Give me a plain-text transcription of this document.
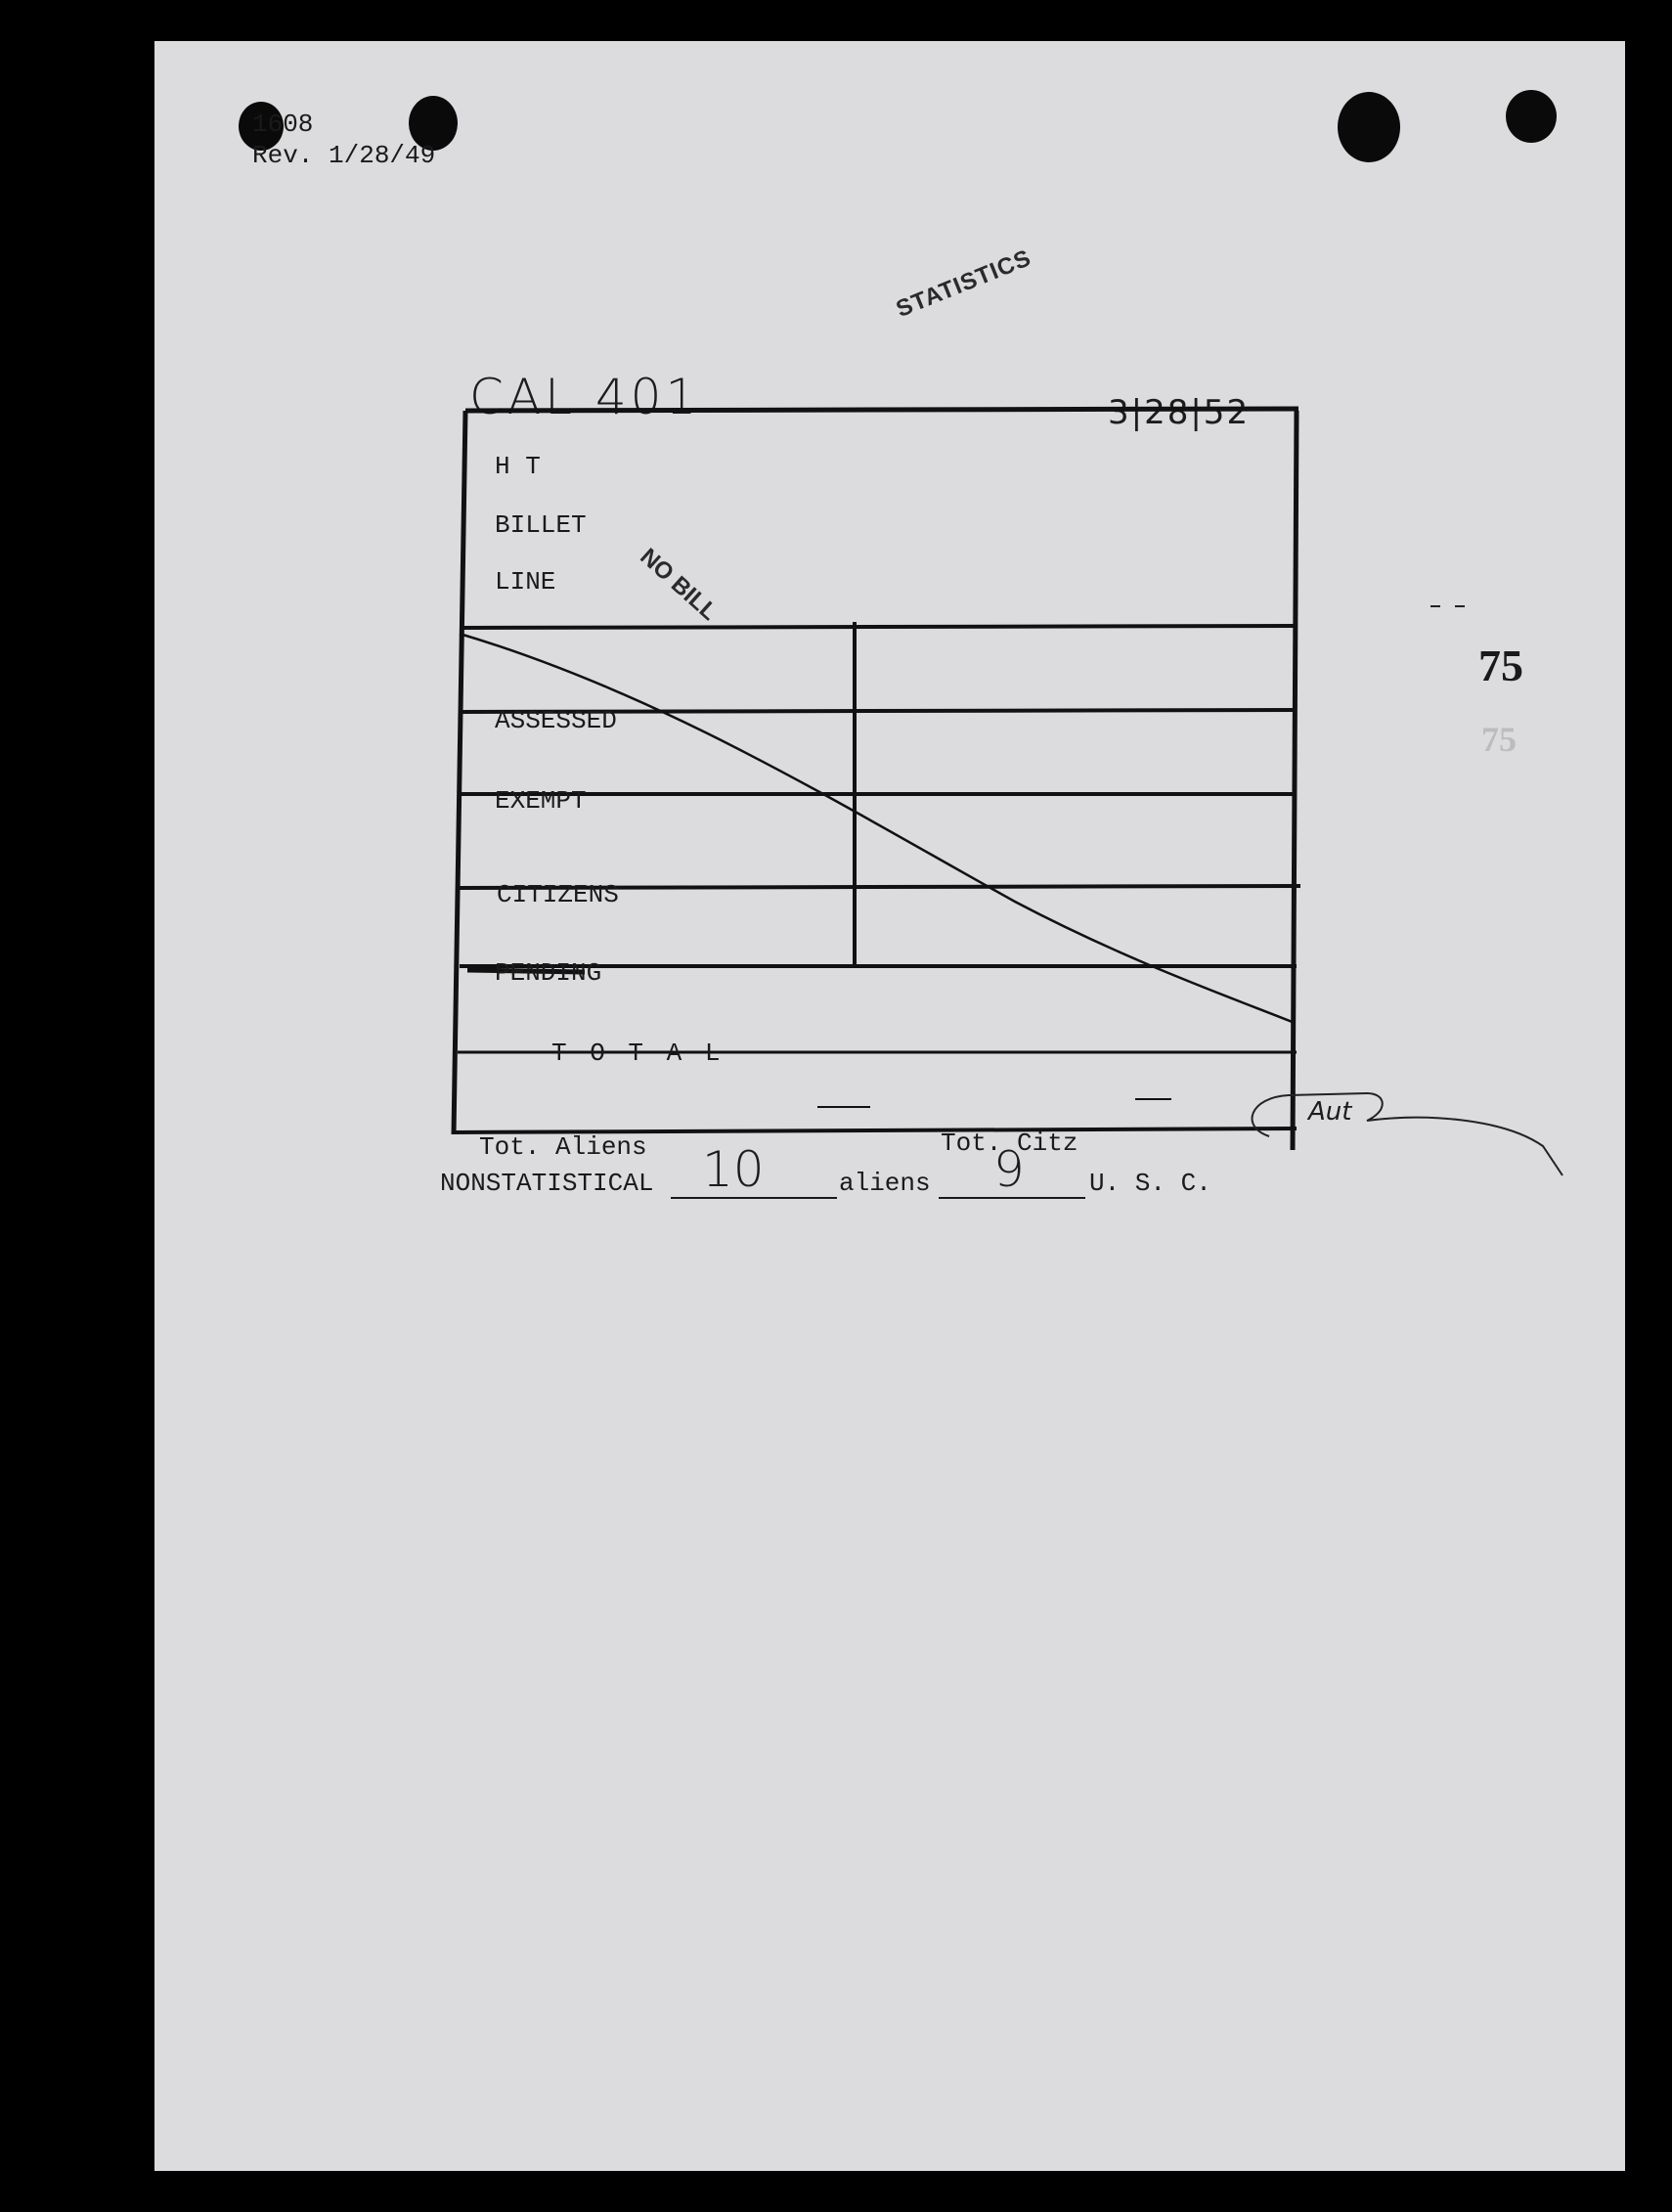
1608
Rev. 1/28/49
STATISTICS
CAL 401	3|28|52
75
75
H T
BILLET
LINE	NO BILL
ASSESSED
EXEMPT
CITIZENS
PENDING
T O T A L
Tot. Aliens	Tot. Citz
Aut
NONSTATISTICAL 10	aliens 9	U. S. C.
